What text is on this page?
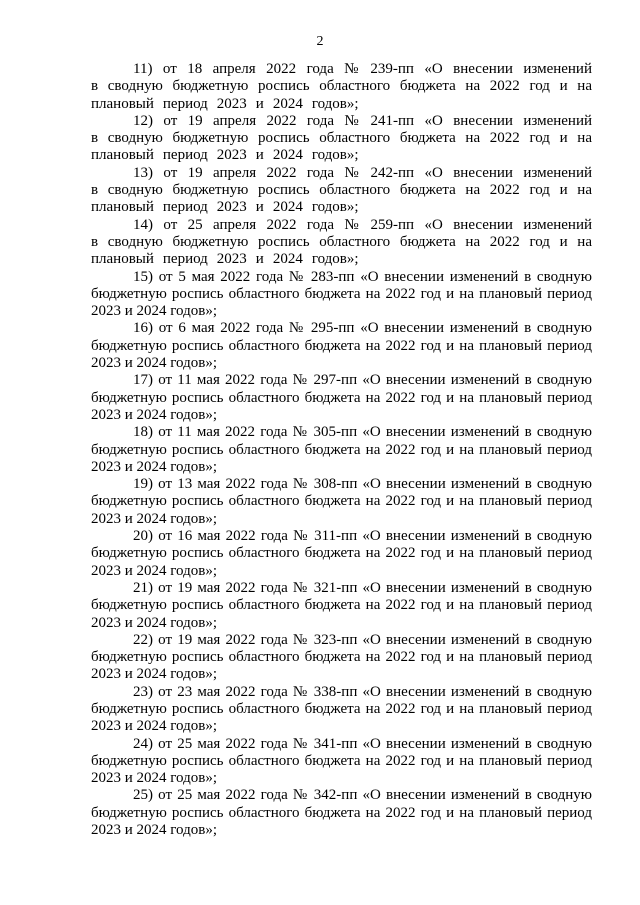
2

11) от 18 апреля 2022 года № 239-пп «О внесении изменений в сводную бюджетную роспись областного бюджета на 2022 год и на плановый период 2023 и 2024 годов»;

12) от 19 апреля 2022 года № 241-пп «О внесении изменений в сводную бюджетную роспись областного бюджета на 2022 год и на плановый период 2023 и 2024 годов»;

13) от 19 апреля 2022 года № 242-пп «О внесении изменений в сводную бюджетную роспись областного бюджета на 2022 год и на плановый период 2023 и 2024 годов»;

14) от 25 апреля 2022 года № 259-пп «О внесении изменений в сводную бюджетную роспись областного бюджета на 2022 год и на плановый период 2023 и 2024 годов»;

15) от 5 мая 2022 года № 283-пп «О внесении изменений в сводную бюджетную роспись областного бюджета на 2022 год и на плановый период 2023 и 2024 годов»;

16) от 6 мая 2022 года № 295-пп «О внесении изменений в сводную бюджетную роспись областного бюджета на 2022 год и на плановый период 2023 и 2024 годов»;

17) от 11 мая 2022 года № 297-пп «О внесении изменений в сводную бюджетную роспись областного бюджета на 2022 год и на плановый период 2023 и 2024 годов»;

18) от 11 мая 2022 года № 305-пп «О внесении изменений в сводную бюджетную роспись областного бюджета на 2022 год и на плановый период 2023 и 2024 годов»;

19) от 13 мая 2022 года № 308-пп «О внесении изменений в сводную бюджетную роспись областного бюджета на 2022 год и на плановый период 2023 и 2024 годов»;

20) от 16 мая 2022 года № 311-пп «О внесении изменений в сводную бюджетную роспись областного бюджета на 2022 год и на плановый период 2023 и 2024 годов»;

21) от 19 мая 2022 года № 321-пп «О внесении изменений в сводную бюджетную роспись областного бюджета на 2022 год и на плановый период 2023 и 2024 годов»;

22) от 19 мая 2022 года № 323-пп «О внесении изменений в сводную бюджетную роспись областного бюджета на 2022 год и на плановый период 2023 и 2024 годов»;

23) от 23 мая 2022 года № 338-пп «О внесении изменений в сводную бюджетную роспись областного бюджета на 2022 год и на плановый период 2023 и 2024 годов»;

24) от 25 мая 2022 года № 341-пп «О внесении изменений в сводную бюджетную роспись областного бюджета на 2022 год и на плановый период 2023 и 2024 годов»;

25) от 25 мая 2022 года № 342-пп «О внесении изменений в сводную бюджетную роспись областного бюджета на 2022 год и на плановый период 2023 и 2024 годов»;
